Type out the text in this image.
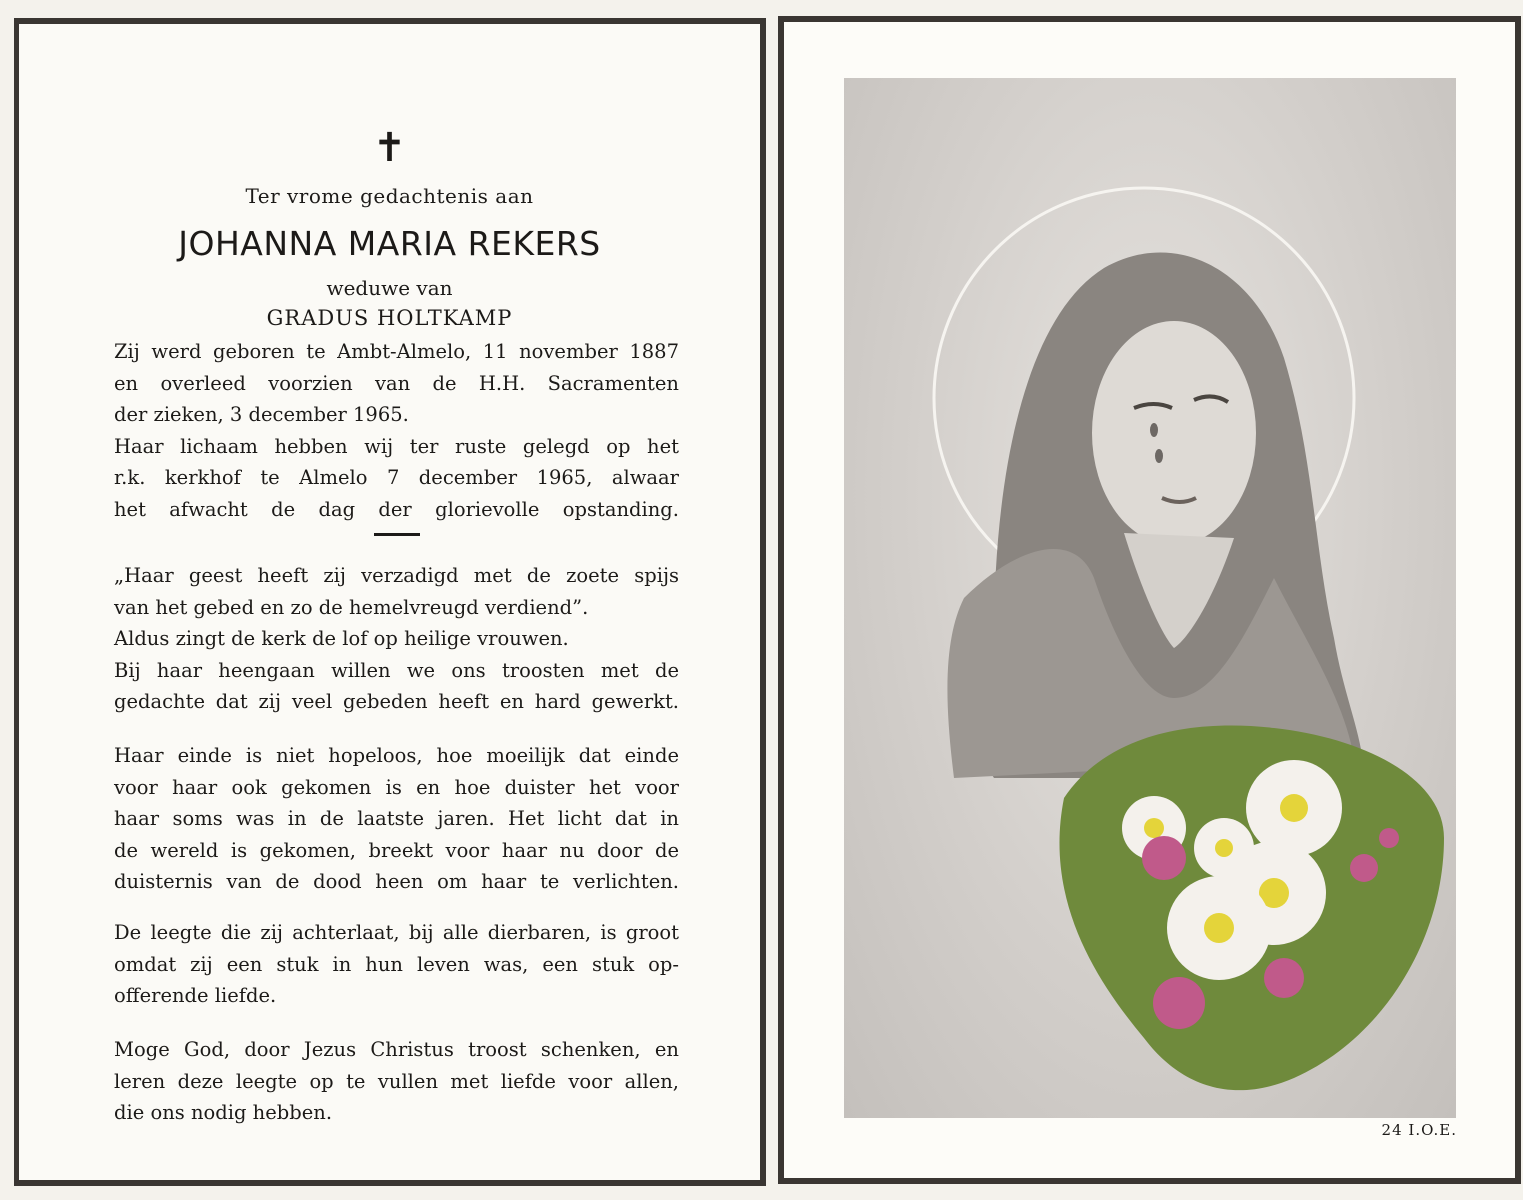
✝
Ter vrome gedachtenis aan
JOHANNA MARIA REKERS
weduwe van
GRADUS HOLTKAMP
Zij werd geboren te Ambt-Almelo, 11 november 1887
en overleed voorzien van de H.H. Sacramenten
der zieken, 3 december 1965.
Haar lichaam hebben wij ter ruste gelegd op het
r.k. kerkhof te Almelo 7 december 1965, alwaar
het afwacht de dag der glorievolle opstanding.
„Haar geest heeft zij verzadigd met de zoete spijs
van het gebed en zo de hemelvreugd verdiend”.
Aldus zingt de kerk de lof op heilige vrouwen.
Bij haar heengaan willen we ons troosten met de
gedachte dat zij veel gebeden heeft en hard gewerkt.
Haar einde is niet hopeloos, hoe moeilijk dat einde
voor haar ook gekomen is en hoe duister het voor
haar soms was in de laatste jaren. Het licht dat in
de wereld is gekomen, breekt voor haar nu door de
duisternis van de dood heen om haar te verlichten.
De leegte die zij achterlaat, bij alle dierbaren, is groot
omdat zij een stuk in hun leven was, een stuk op-
offerende liefde.
Moge God, door Jezus Christus troost schenken, en
leren deze leegte op te vullen met liefde voor allen,
die ons nodig hebben.
24 I.O.E.
